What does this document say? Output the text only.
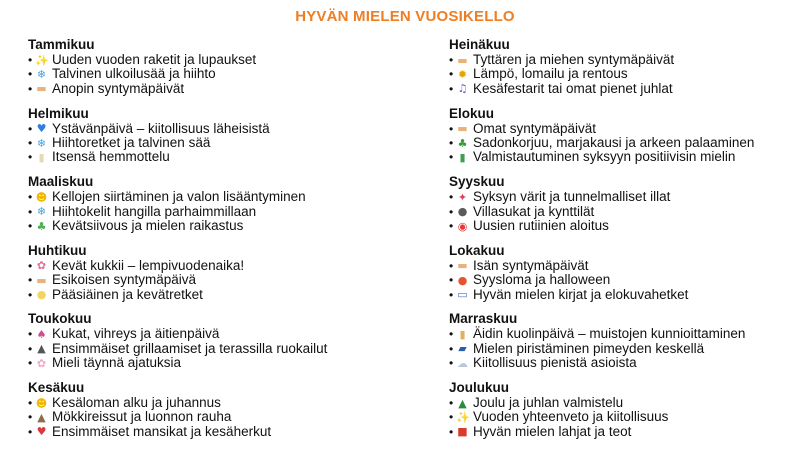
HYVÄN MIELEN VUOSIKELLO
Tammikuu
• ✨ Uuden vuoden raketit ja lupaukset
• ❄ Talvinen ulkoilusää ja hiihto
• ▬ Anopin syntymäpäivät
Helmikuu
• ♥ Ystävänpäivä – kiitollisuus läheisistä
• ❄ Hiihtoretket ja talvinen sää
• ▮ Itsensä hemmottelu
Maaliskuu
• ☻ Kellojen siirtäminen ja valon lisääntyminen
• ❄ Hiihtokelit hangilla parhaimmillaan
• ♣ Kevätsiivous ja mielen raikastus
Huhtikuu
• ✿ Kevät kukkii – lempivuodenaika!
• ▬ Esikoisen syntymäpäivä
• ● Pääsiäinen ja kevätretket
Toukokuu
• ♠ Kukat, vihreys ja äitienpäivä
• ▲ Ensimmäiset grillaamiset ja terassilla ruokailut
• ✿ Mieli täynnä ajatuksia
Kesäkuu
• ☻ Kesäloman alku ja juhannus
• ▲ Mökkireissut ja luonnon rauha
• ♥ Ensimmäiset mansikat ja kesäherkut
Heinäkuu
• ▬ Tyttären ja miehen syntymäpäivät
• ✹ Lämpö, lomailu ja rentous
• ♫ Kesäfestarit tai omat pienet juhlat
Elokuu
• ▬ Omat syntymäpäivät
• ♣ Sadonkorjuu, marjakausi ja arkeen palaaminen
• ▮ Valmistautuminen syksyyn positiivisin mielin
Syyskuu
• ✦ Syksyn värit ja tunnelmalliset illat
• ● Villasukat ja kynttilät
• ◉ Uusien rutiinien aloitus
Lokakuu
• ▬ Isän syntymäpäivät
• ● Syysloma ja halloween
• ▭ Hyvän mielen kirjat ja elokuvahetket
Marraskuu
• ▮ Äidin kuolinpäivä – muistojen kunnioittaminen
• ▰ Mielen piristäminen pimeyden keskellä
• ☁ Kiitollisuus pienistä asioista
Joulukuu
• ▲ Joulu ja juhlan valmistelu
• ✨ Vuoden yhteenveto ja kiitollisuus
• ■ Hyvän mielen lahjat ja teot
